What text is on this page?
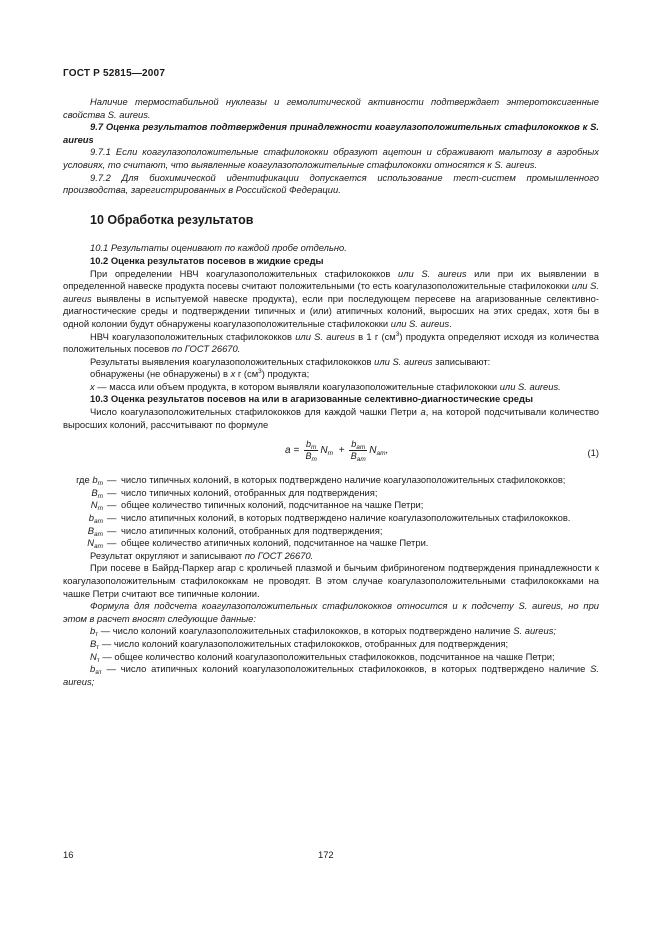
ГОСТ Р 52815—2007

Наличие термостабильной нуклеазы и гемолитической активности подтверждает энтеротоксигенные свойства S. aureus.

9.7 Оценка результатов подтверждения принадлежности коагулазоположительных стафилококков к S. aureus

9.7.1 Если коагулазоположительные стафилококки образуют ацетоин и сбраживают мальтозу в аэробных условиях, то считают, что выявленные коагулазоположительные стафилококки относятся к S. aureus.

9.7.2 Для биохимической идентификации допускается использование тест-систем промышленного производства, зарегистрированных в Российской Федерации.

10 Обработка результатов

10.1 Результаты оценивают по каждой пробе отдельно.

10.2 Оценка результатов посевов в жидкие среды

При определении НВЧ коагулазоположительных стафилококков или S. aureus или при их выявлении в определенной навеске продукта посевы считают положительными (то есть коагулазоположительные стафилококки или S. aureus выявлены в испытуемой навеске продукта), если при последующем пересеве на агаризованные селективно-диагностические среды и подтверждении типичных и (или) атипичных колоний, выросших на этих средах, хотя бы в одной колонии будут обнаружены коагулазоположительные стафилококки или S. aureus.

НВЧ коагулазоположительных стафилококков или S. aureus в 1 г $(см^3)$ продукта определяют исходя из количества положительных посевов по ГОСТ 26670.

Результаты выявления коагулазоположительных стафилококков или S. aureus записывают:

обнаружены (не обнаружены) в х г $(см^3)$ продукта;

х — масса или объем продукта, в котором выявляли коагулазоположительные стафилококки или S. aureus.

10.3 Оценка результатов посевов на или в агаризованные селективно-диагностические среды

Число коагулазоположительных стафилококков для каждой чашки Петри а, на которой подсчитывали количество выросших колоний, рассчитывают по формуле

$а = \frac{b_т}{B_т} N_т + \frac{b_{ат}}{B_{ат}} N_{ат}$,	(1)
где $b_т$ — число типичных колоний, в которых подтверждено наличие коагулазоположительных стафилококков;
$B_т$ — число типичных колоний, отобранных для подтверждения;
$N_т$ — общее количество типичных колоний, подсчитанное на чашке Петри;
$b_{ат}$ — число атипичных колоний, в которых подтверждено наличие коагулазоположительных стафилококков.
$B_{ат}$ — число атипичных колоний, отобранных для подтверждения;
$N_{ат}$ — общее количество атипичных колоний, подсчитанное на чашке Петри.

Результат округляют и записывают по ГОСТ 26670.

При посеве в Байрд-Паркер агар с кроличьей плазмой и бычьим фибриногеном подтверждения принадлежности к коагулазоположительным стафилококкам не проводят. В этом случае коагулазоположительными стафилококками на чашке Петри считают все типичные колонии.

Формула для подсчета коагулазоположительных стафилококков относится и к подсчету S. aureus, но при этом в расчет вносят следующие данные:

$b_т$ — число колоний коагулазоположительных стафилококков, в которых подтверждено наличие S. aureus;

$B_т$ — число колоний коагулазоположительных стафилококков, отобранных для подтверждения;

$N_т$ — общее количество колоний коагулазоположительных стафилококков, подсчитанное на чашке Петри;

$b_{ат}$ — число атипичных колоний коагулазоположительных стафилококков, в которых подтверждено наличие S. aureus;

16	172
